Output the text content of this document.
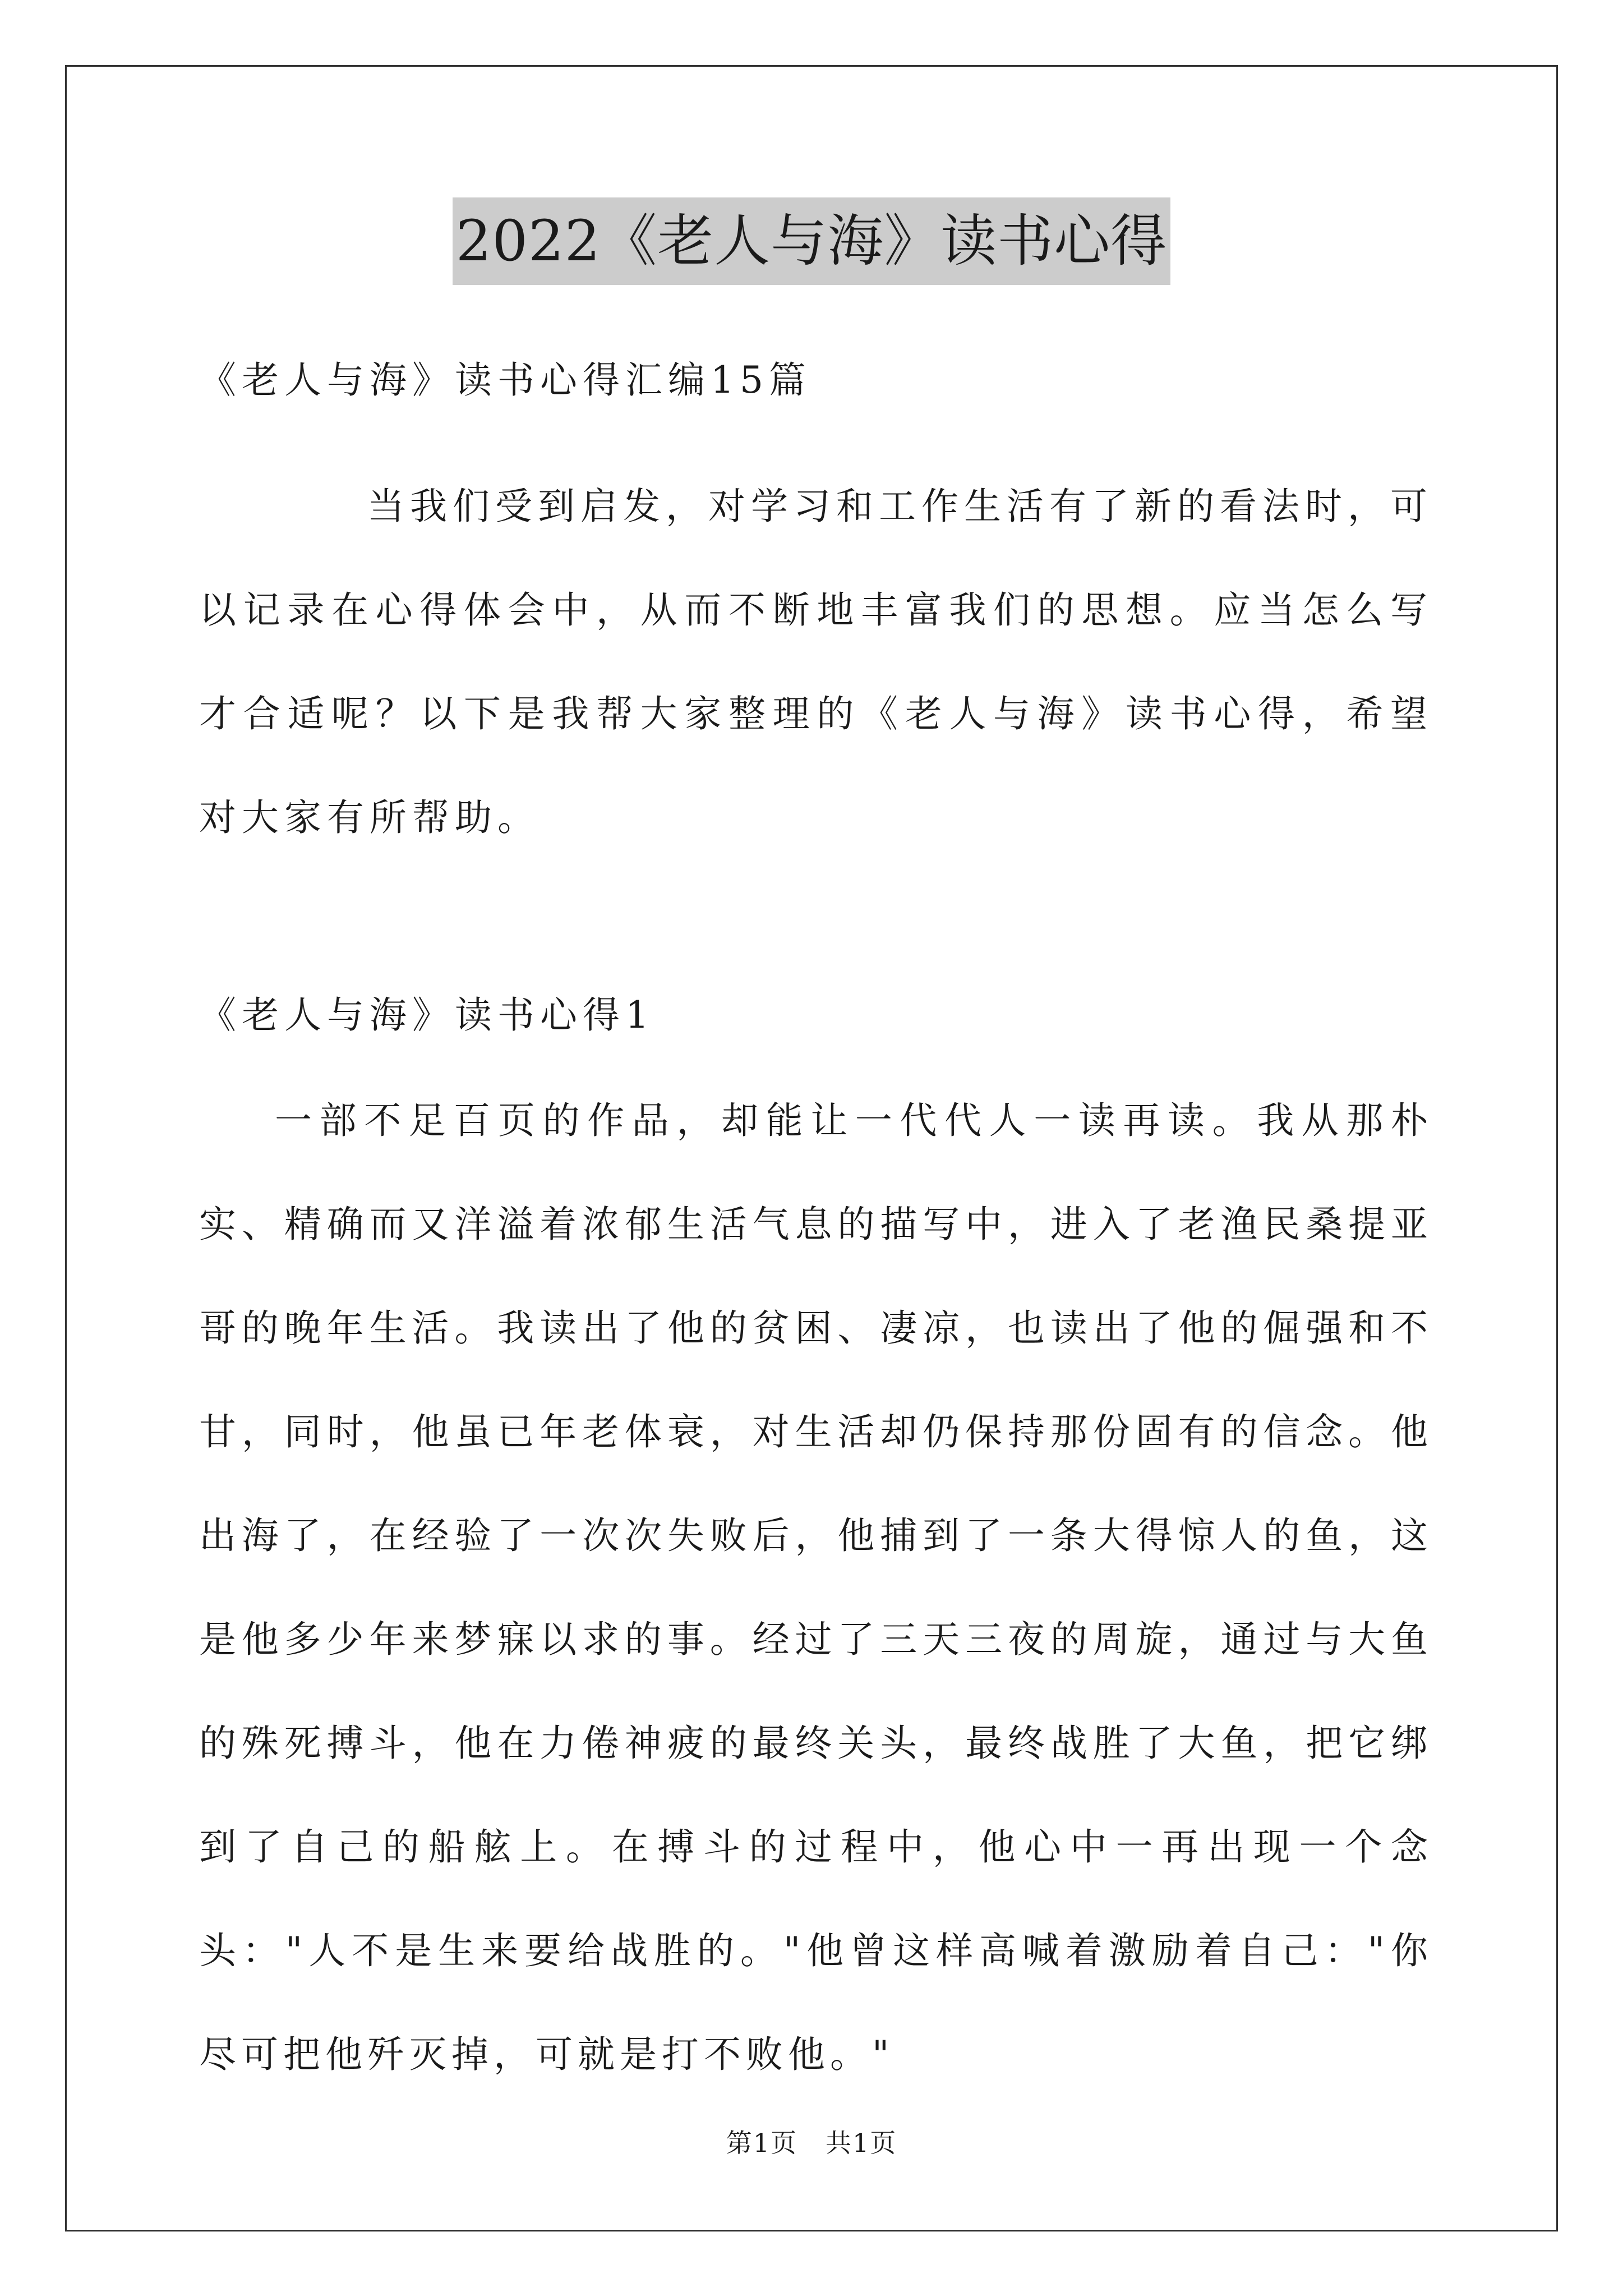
2022《老人与海》读书心得
《老人与海》读书心得汇编15篇
当我们受到启发，对学习和工作生活有了新的看法时，可以记录在心得体会中，从而不断地丰富我们的思想。应当怎么写才合适呢？以下是我帮大家整理的《老人与海》读书心得，希望对大家有所帮助。
《老人与海》读书心得1
一部不足百页的作品，却能让一代代人一读再读。我从那朴实、精确而又洋溢着浓郁生活气息的描写中，进入了老渔民桑提亚哥的晚年生活。我读出了他的贫困、凄凉，也读出了他的倔强和不甘，同时，他虽已年老体衰，对生活却仍保持那份固有的信念。他出海了，在经验了一次次失败后，他捕到了一条大得惊人的鱼，这是他多少年来梦寐以求的事。经过了三天三夜的周旋，通过与大鱼的殊死搏斗，他在力倦神疲的最终关头，最终战胜了大鱼，把它绑到了自己的船舷上。在搏斗的过程中，他心中一再出现一个念头："人不是生来要给战胜的。"他曾这样高喊着激励着自己："你尽可把他歼灭掉，可就是打不败他。"
第1页 共1页
